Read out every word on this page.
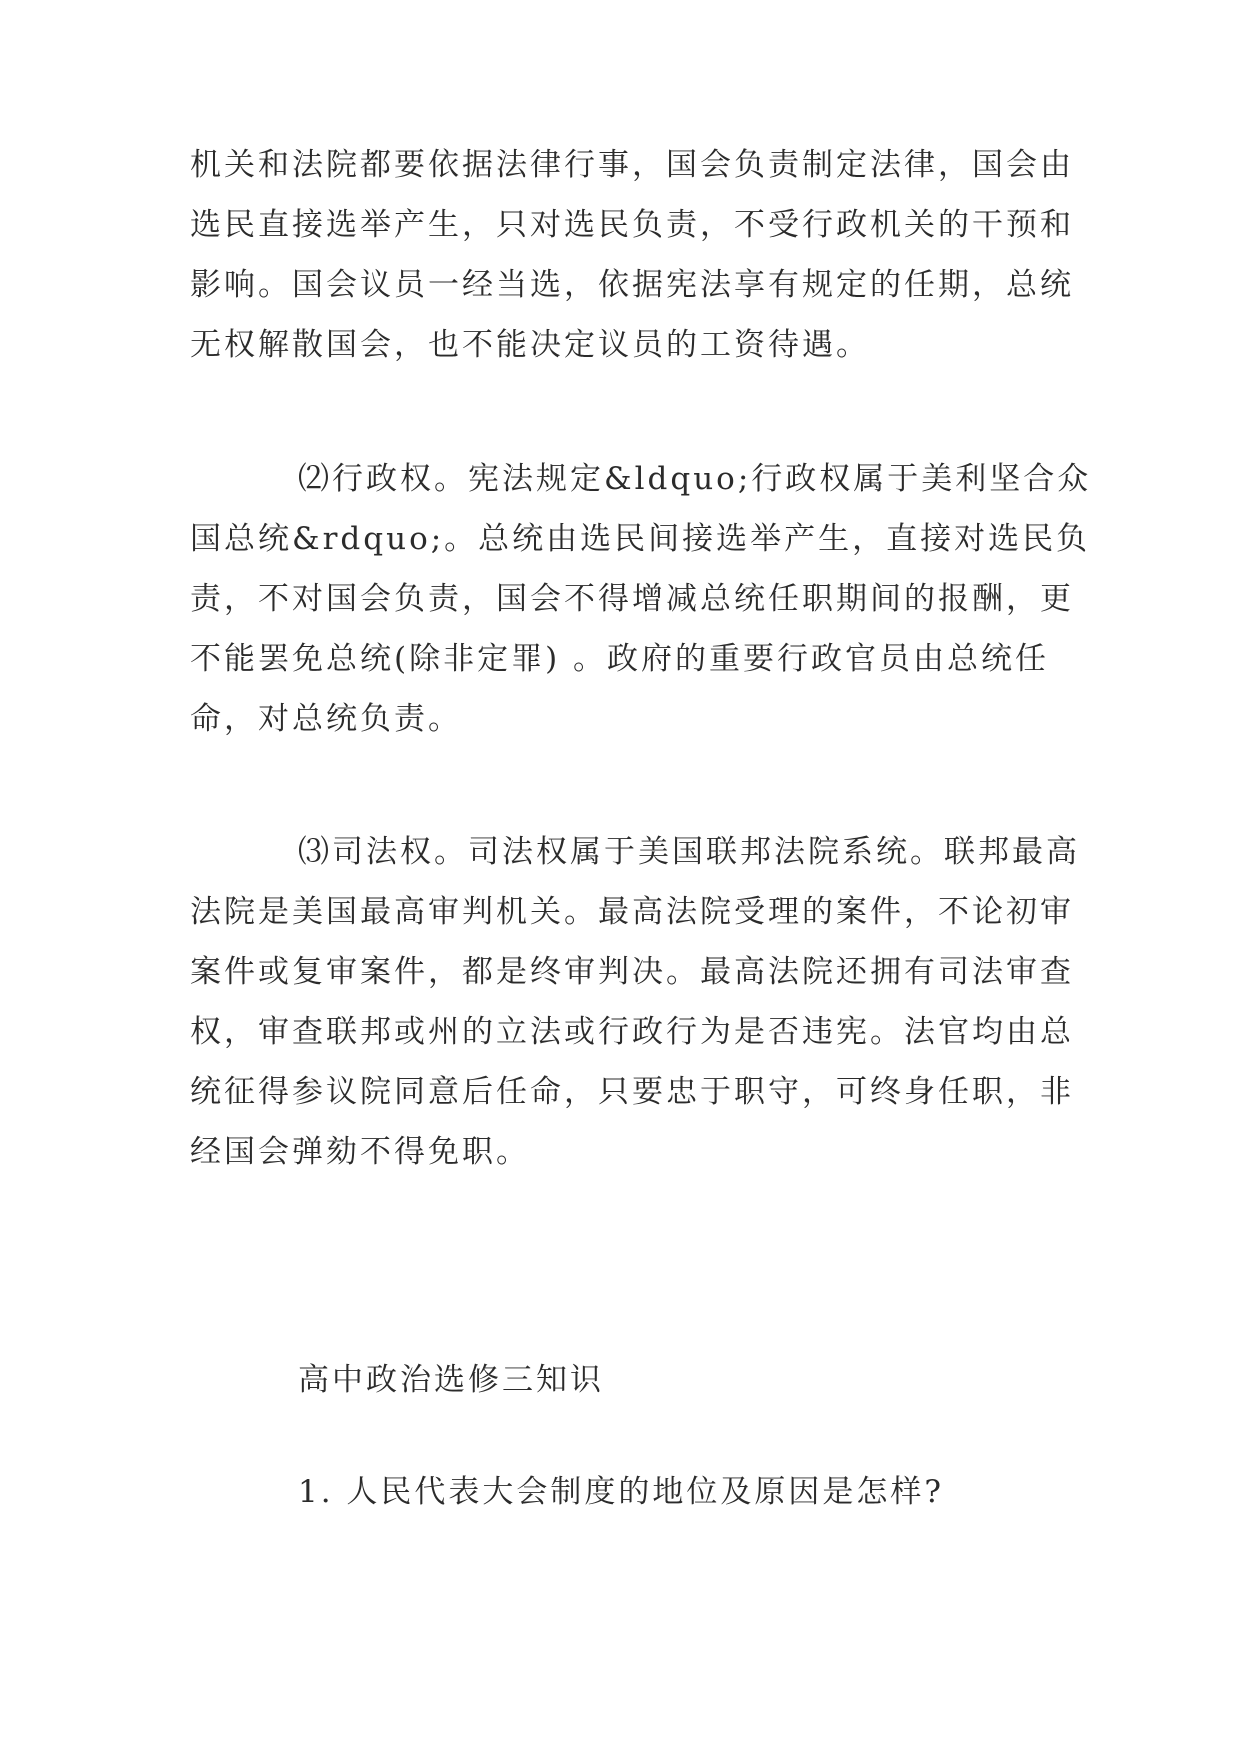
机关和法院都要依据法律行事，国会负责制定法律，国会由
选民直接选举产生，只对选民负责，不受行政机关的干预和
影响。国会议员一经当选，依据宪法享有规定的任期，总统
无权解散国会，也不能决定议员的工资待遇。
⑵行政权。宪法规定&ldquo;行政权属于美利坚合众
国总统&rdquo;。总统由选民间接选举产生，直接对选民负
责，不对国会负责，国会不得增减总统任职期间的报酬，更
不能罢免总统(除非定罪) 。政府的重要行政官员由总统任
命，对总统负责。
⑶司法权。司法权属于美国联邦法院系统。联邦最高
法院是美国最高审判机关。最高法院受理的案件，不论初审
案件或复审案件，都是终审判决。最高法院还拥有司法审查
权，审查联邦或州的立法或行政行为是否违宪。法官均由总
统征得参议院同意后任命，只要忠于职守，可终身任职，非
经国会弹劾不得免职。
高中政治选修三知识

1. 人民代表大会制度的地位及原因是怎样?
